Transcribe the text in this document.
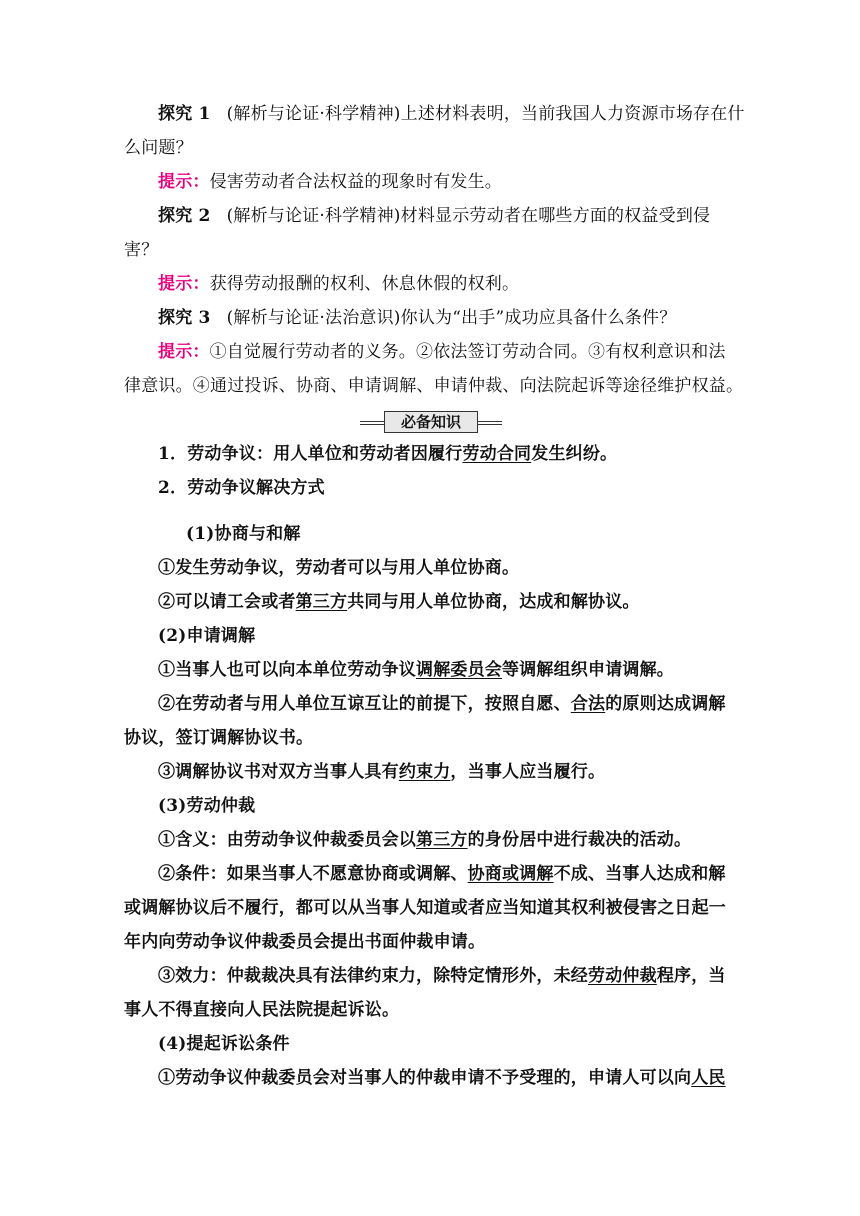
探究 1 (解析与论证·科学精神)上述材料表明，当前我国人力资源市场存在什
么问题？
提示：侵害劳动者合法权益的现象时有发生。
探究 2 (解析与论证·科学精神)材料显示劳动者在哪些方面的权益受到侵
害？
提示：获得劳动报酬的权利、休息休假的权利。
探究 3 (解析与论证·法治意识)你认为“出手”成功应具备什么条件？
提示：①自觉履行劳动者的义务。②依法签订劳动合同。③有权利意识和法
律意识。④通过投诉、协商、申请调解、申请仲裁、向法院起诉等途径维护权益。
必备知识
1．劳动争议：用人单位和劳动者因履行劳动合同发生纠纷。
2．劳动争议解决方式
(1)协商与和解
①发生劳动争议，劳动者可以与用人单位协商。
②可以请工会或者第三方共同与用人单位协商，达成和解协议。
(2)申请调解
①当事人也可以向本单位劳动争议调解委员会等调解组织申请调解。
②在劳动者与用人单位互谅互让的前提下，按照自愿、合法的原则达成调解
协议，签订调解协议书。
③调解协议书对双方当事人具有约束力，当事人应当履行。
(3)劳动仲裁
①含义：由劳动争议仲裁委员会以第三方的身份居中进行裁决的活动。
②条件：如果当事人不愿意协商或调解、协商或调解不成、当事人达成和解
或调解协议后不履行，都可以从当事人知道或者应当知道其权利被侵害之日起一
年内向劳动争议仲裁委员会提出书面仲裁申请。
③效力：仲裁裁决具有法律约束力，除特定情形外，未经劳动仲裁程序，当
事人不得直接向人民法院提起诉讼。
(4)提起诉讼条件
①劳动争议仲裁委员会对当事人的仲裁申请不予受理的，申请人可以向人民
